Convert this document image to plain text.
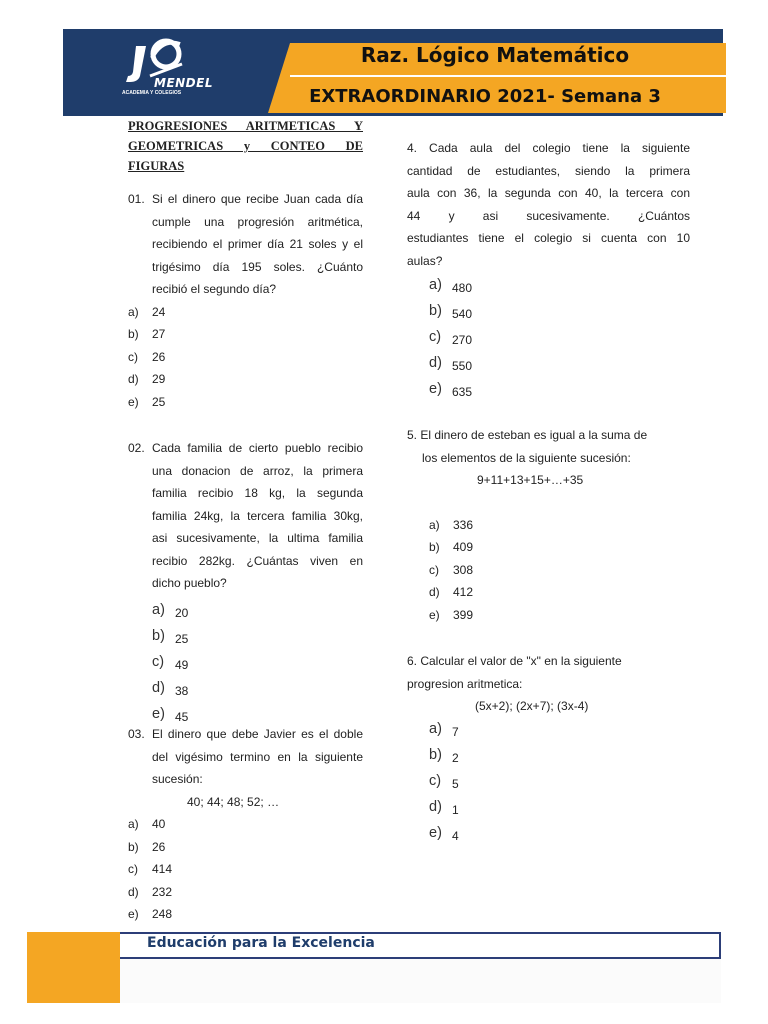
Raz. Lógico Matemático
EXTRAORDINARIO 2021- Semana 3
MENDEL
ACADEMIA Y COLEGIOS
PROGRESIONES ARITMETICAS Y
GEOMETRICAS y CONTEO DE
FIGURAS
01. Si el dinero que recibe Juan cada día
cumple una progresión aritmética,
recibiendo el primer día 21 soles y el
trigésimo día 195 soles. ¿Cuánto
recibió el segundo día?
a) 24
b) 27
c) 26
d) 29
e) 25
02. Cada familia de cierto pueblo recibio
una donacion de arroz, la primera
familia recibio 18 kg, la segunda
familia 24kg, la tercera familia 30kg,
asi sucesivamente, la ultima familia
recibio 282kg. ¿Cuántas viven en
dicho pueblo?
a) 20
b) 25
c) 49
d) 38
e) 45
03. El dinero que debe Javier es el doble
del vigésimo termino en la siguiente
sucesión:
40; 44; 48; 52; …
a) 40
b) 26
c) 414
d) 232
e) 248
4. Cada aula del colegio tiene la siguiente
cantidad de estudiantes, siendo la primera
aula con 36, la segunda con 40, la tercera con
44 y asi sucesivamente. ¿Cuántos
estudiantes tiene el colegio si cuenta con 10
aulas?
a) 480
b) 540
c) 270
d) 550
e) 635
5. El dinero de esteban es igual a la suma de
los elementos de la siguiente sucesión:
9+11+13+15+…+35
a) 336
b) 409
c) 308
d) 412
e) 399
6. Calcular el valor de "x" en la siguiente
progresion aritmetica:
(5x+2); (2x+7); (3x-4)
a) 7
b) 2
c) 5
d) 1
e) 4
Educación para la Excelencia
